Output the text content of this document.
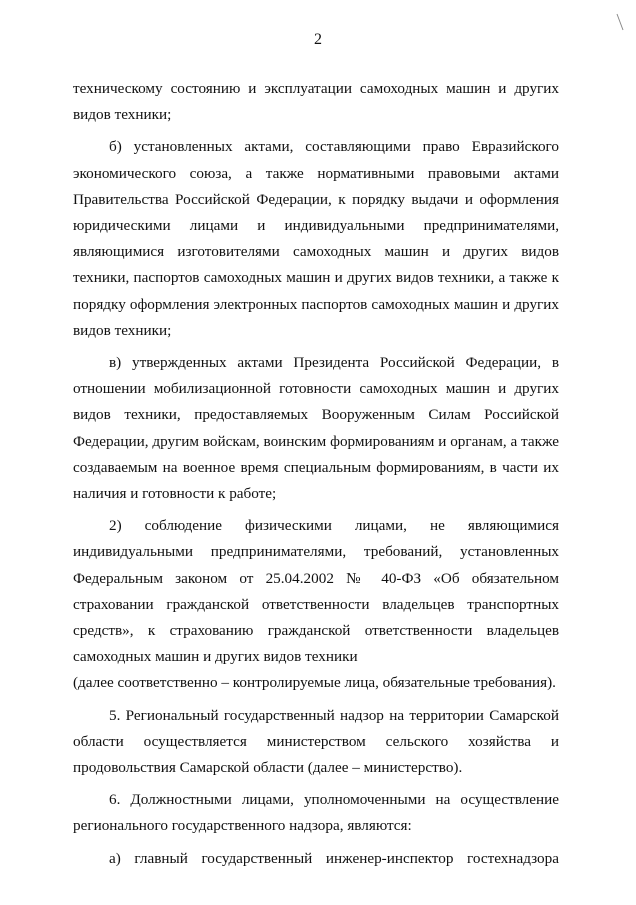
2

техническому состоянию и эксплуатации самоходных машин и других видов техники;

б) установленных актами, составляющими право Евразийского экономического союза, а также нормативными правовыми актами Правительства Российской Федерации, к порядку выдачи и оформления юридическими лицами и индивидуальными предпринимателями, являющимися изготовителями самоходных машин и других видов техники, паспортов самоходных машин и других видов техники, а также к порядку оформления электронных паспортов самоходных машин и других видов техники;

в) утвержденных актами Президента Российской Федерации, в отношении мобилизационной готовности самоходных машин и других видов техники, предоставляемых Вооруженным Силам Российской Федерации, другим войскам, воинским формированиям и органам, а также создаваемым на военное время специальным формированиям, в части их наличия и готовности к работе;

2) соблюдение физическими лицами, не являющимися индивидуальными предпринимателями, требований, установленных Федеральным законом от 25.04.2002 № 40-ФЗ «Об обязательном страховании гражданской ответственности владельцев транспортных средств», к страхованию гражданской ответственности владельцев самоходных машин и других видов техники

(далее соответственно – контролируемые лица, обязательные требования).

5. Региональный государственный надзор на территории Самарской области осуществляется министерством сельского хозяйства и продовольствия Самарской области (далее – министерство).

6. Должностными лицами, уполномоченными на осуществление регионального государственного надзора, являются:

а) главный государственный инженер-инспектор гостехнадзора
